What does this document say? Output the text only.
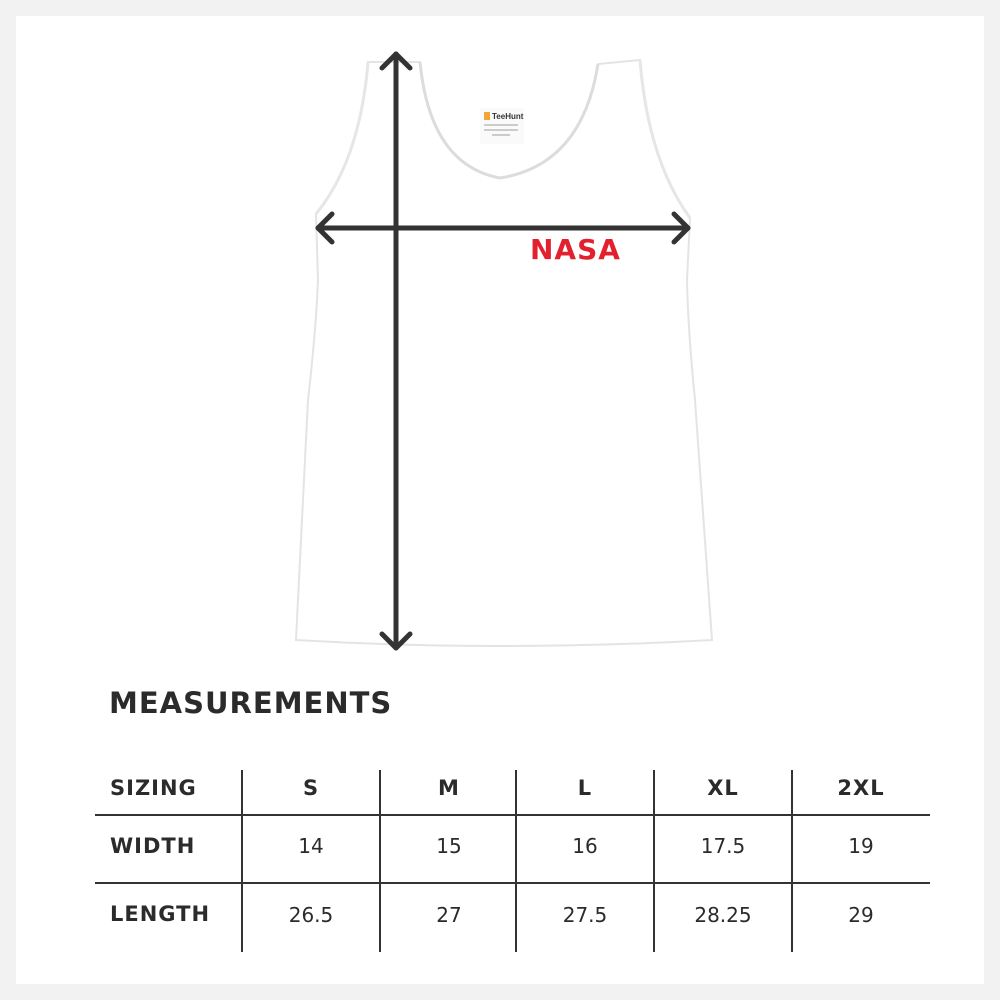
TeeHunt
NASA
MEASUREMENTS
SIZING	S	M	L	XL	2XL
WIDTH	14	15	16	17.5	19
LENGTH	26.5	27	27.5	28.25	29
